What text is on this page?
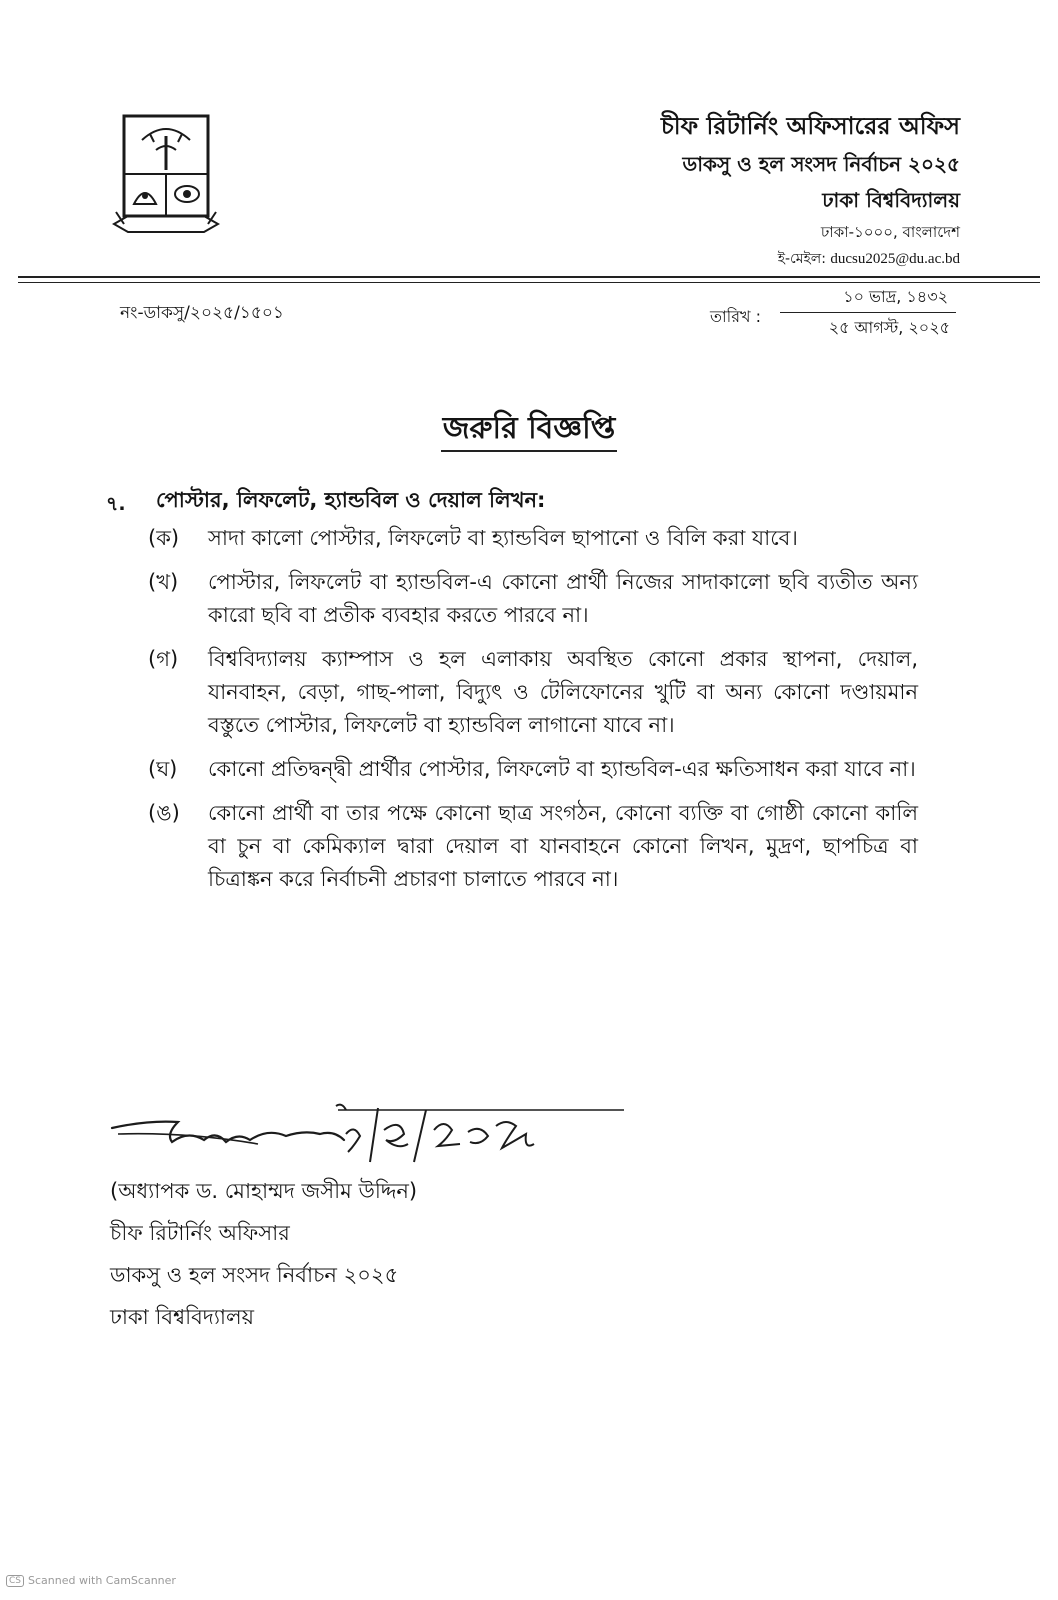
চীফ রিটার্নিং অফিসারের অফিস
ডাকসু ও হল সংসদ নির্বাচন ২০২৫
ঢাকা বিশ্ববিদ্যালয়
ঢাকা-১০০০, বাংলাদেশ
ই-মেইল: ducsu2025@du.ac.bd
নং-ডাকসু/২০২৫/১৫০১	তারিখ :
১০ ভাদ্র, ১৪৩২
২৫ আগস্ট, ২০২৫
জরুরি বিজ্ঞপ্তি
৭. পোস্টার, লিফলেট, হ্যান্ডবিল ও দেয়াল লিখন:
(ক)	সাদা কালো পোস্টার, লিফলেট বা হ্যান্ডবিল ছাপানো ও বিলি করা যাবে।
(খ)	পোস্টার, লিফলেট বা হ্যান্ডবিল-এ কোনো প্রার্থী নিজের সাদাকালো ছবি ব্যতীত অন্য কারো ছবি বা প্রতীক ব্যবহার করতে পারবে না।
(গ)	বিশ্ববিদ্যালয় ক্যাম্পাস ও হল এলাকায় অবস্থিত কোনো প্রকার স্থাপনা, দেয়াল, যানবাহন, বেড়া, গাছ-পালা, বিদ্যুৎ ও টেলিফোনের খুটি বা অন্য কোনো দণ্ডায়মান বস্তুতে পোস্টার, লিফলেট বা হ্যান্ডবিল লাগানো যাবে না।
(ঘ)	কোনো প্রতিদ্বন্দ্বী প্রার্থীর পোস্টার, লিফলেট বা হ্যান্ডবিল-এর ক্ষতিসাধন করা যাবে না।
(ঙ)	কোনো প্রার্থী বা তার পক্ষে কোনো ছাত্র সংগঠন, কোনো ব্যক্তি বা গোষ্ঠী কোনো কালি বা চুন বা কেমিক্যাল দ্বারা দেয়াল বা যানবাহনে কোনো লিখন, মুদ্রণ, ছাপচিত্র বা চিত্রাঙ্কন করে নির্বাচনী প্রচারণা চালাতে পারবে না।
(অধ্যাপক ড. মোহাম্মদ জসীম উদ্দিন)
চীফ রিটার্নিং অফিসার
ডাকসু ও হল সংসদ নির্বাচন ২০২৫
ঢাকা বিশ্ববিদ্যালয়
CS Scanned with CamScanner
